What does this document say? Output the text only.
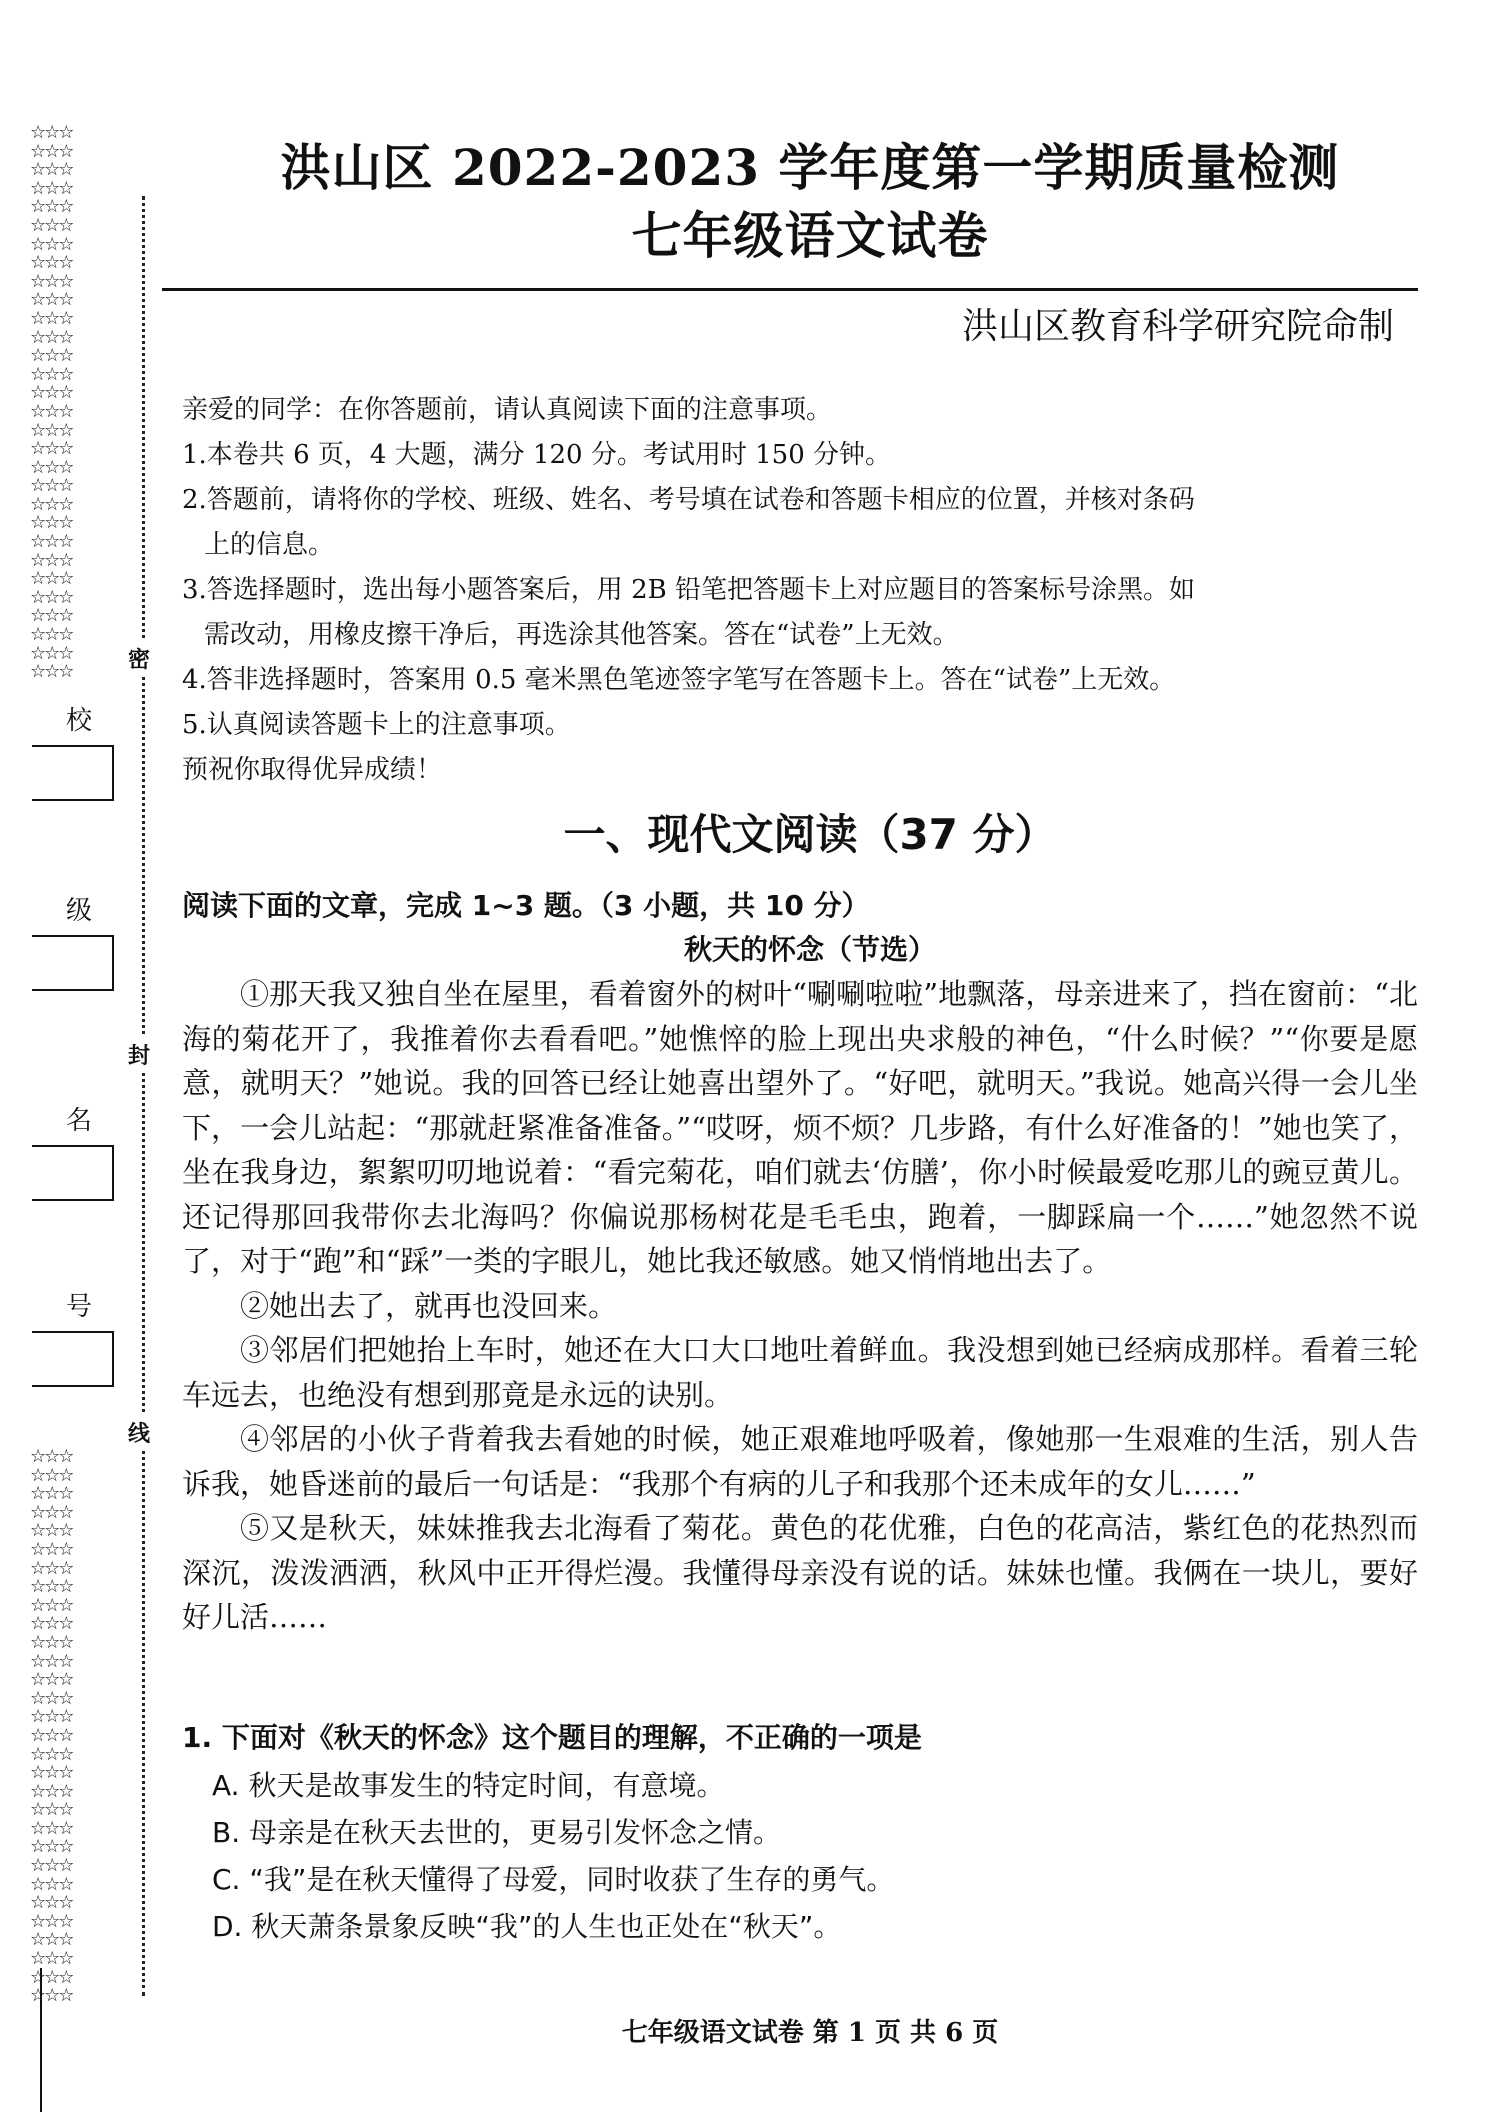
☆☆☆
☆☆☆
☆☆☆
☆☆☆
☆☆☆
☆☆☆
☆☆☆
☆☆☆
☆☆☆
☆☆☆
☆☆☆
☆☆☆
☆☆☆
☆☆☆
☆☆☆
☆☆☆
☆☆☆
☆☆☆
☆☆☆
☆☆☆
☆☆☆
☆☆☆
☆☆☆
☆☆☆
☆☆☆
☆☆☆
☆☆☆
☆☆☆
☆☆☆
☆☆☆
校
级
名
号
☆☆☆
☆☆☆
☆☆☆
☆☆☆
☆☆☆
☆☆☆
☆☆☆
☆☆☆
☆☆☆
☆☆☆
☆☆☆
☆☆☆
☆☆☆
☆☆☆
☆☆☆
☆☆☆
☆☆☆
☆☆☆
☆☆☆
☆☆☆
☆☆☆
☆☆☆
☆☆☆
☆☆☆
☆☆☆
☆☆☆
☆☆☆
☆☆☆
☆☆☆
☆☆☆
密
封
线
洪山区 2022-2023 学年度第一学期质量检测
七年级语文试卷
洪山区教育科学研究院命制

亲爱的同学：在你答题前，请认真阅读下面的注意事项。

1.本卷共 6 页，4 大题，满分 120 分。考试用时 150 分钟。

2.答题前，请将你的学校、班级、姓名、考号填在试卷和答题卡相应的位置，并核对条码

上的信息。

3.答选择题时，选出每小题答案后，用 2B 铅笔把答题卡上对应题目的答案标号涂黑。如

需改动，用橡皮擦干净后，再选涂其他答案。答在“试卷”上无效。

4.答非选择题时，答案用 0.5 毫米黑色笔迹签字笔写在答题卡上。答在“试卷”上无效。

5.认真阅读答题卡上的注意事项。

预祝你取得优异成绩！

一、现代文阅读（37 分）
阅读下面的文章，完成 1~3 题。（3 小题，共 10 分）
秋天的怀念（节选）

①那天我又独自坐在屋里，看着窗外的树叶“唰唰啦啦”地飘落，母亲进来了，挡在窗前：“北海的菊花开了，我推着你去看看吧。”她憔悴的脸上现出央求般的神色，“什么时候？”“你要是愿意，就明天？”她说。我的回答已经让她喜出望外了。“好吧，就明天。”我说。她高兴得一会儿坐下，一会儿站起：“那就赶紧准备准备。”“哎呀，烦不烦？几步路，有什么好准备的！”她也笑了，坐在我身边，絮絮叨叨地说着：“看完菊花，咱们就去‘仿膳’，你小时候最爱吃那儿的豌豆黄儿。还记得那回我带你去北海吗？你偏说那杨树花是毛毛虫，跑着，一脚踩扁一个……”她忽然不说了，对于“跑”和“踩”一类的字眼儿，她比我还敏感。她又悄悄地出去了。

②她出去了，就再也没回来。

③邻居们把她抬上车时，她还在大口大口地吐着鲜血。我没想到她已经病成那样。看着三轮车远去，也绝没有想到那竟是永远的诀别。

④邻居的小伙子背着我去看她的时候，她正艰难地呼吸着，像她那一生艰难的生活，别人告诉我，她昏迷前的最后一句话是：“我那个有病的儿子和我那个还未成年的女儿……”

⑤又是秋天，妹妹推我去北海看了菊花。黄色的花优雅，白色的花高洁，紫红色的花热烈而深沉，泼泼洒洒，秋风中正开得烂漫。我懂得母亲没有说的话。妹妹也懂。我俩在一块儿，要好好儿活……

1. 下面对《秋天的怀念》这个题目的理解，不正确的一项是

A. 秋天是故事发生的特定时间，有意境。

B. 母亲是在秋天去世的，更易引发怀念之情。

C. “我”是在秋天懂得了母爱，同时收获了生存的勇气。

D. 秋天萧条景象反映“我”的人生也正处在“秋天”。

七年级语文试卷 第 1 页 共 6 页
